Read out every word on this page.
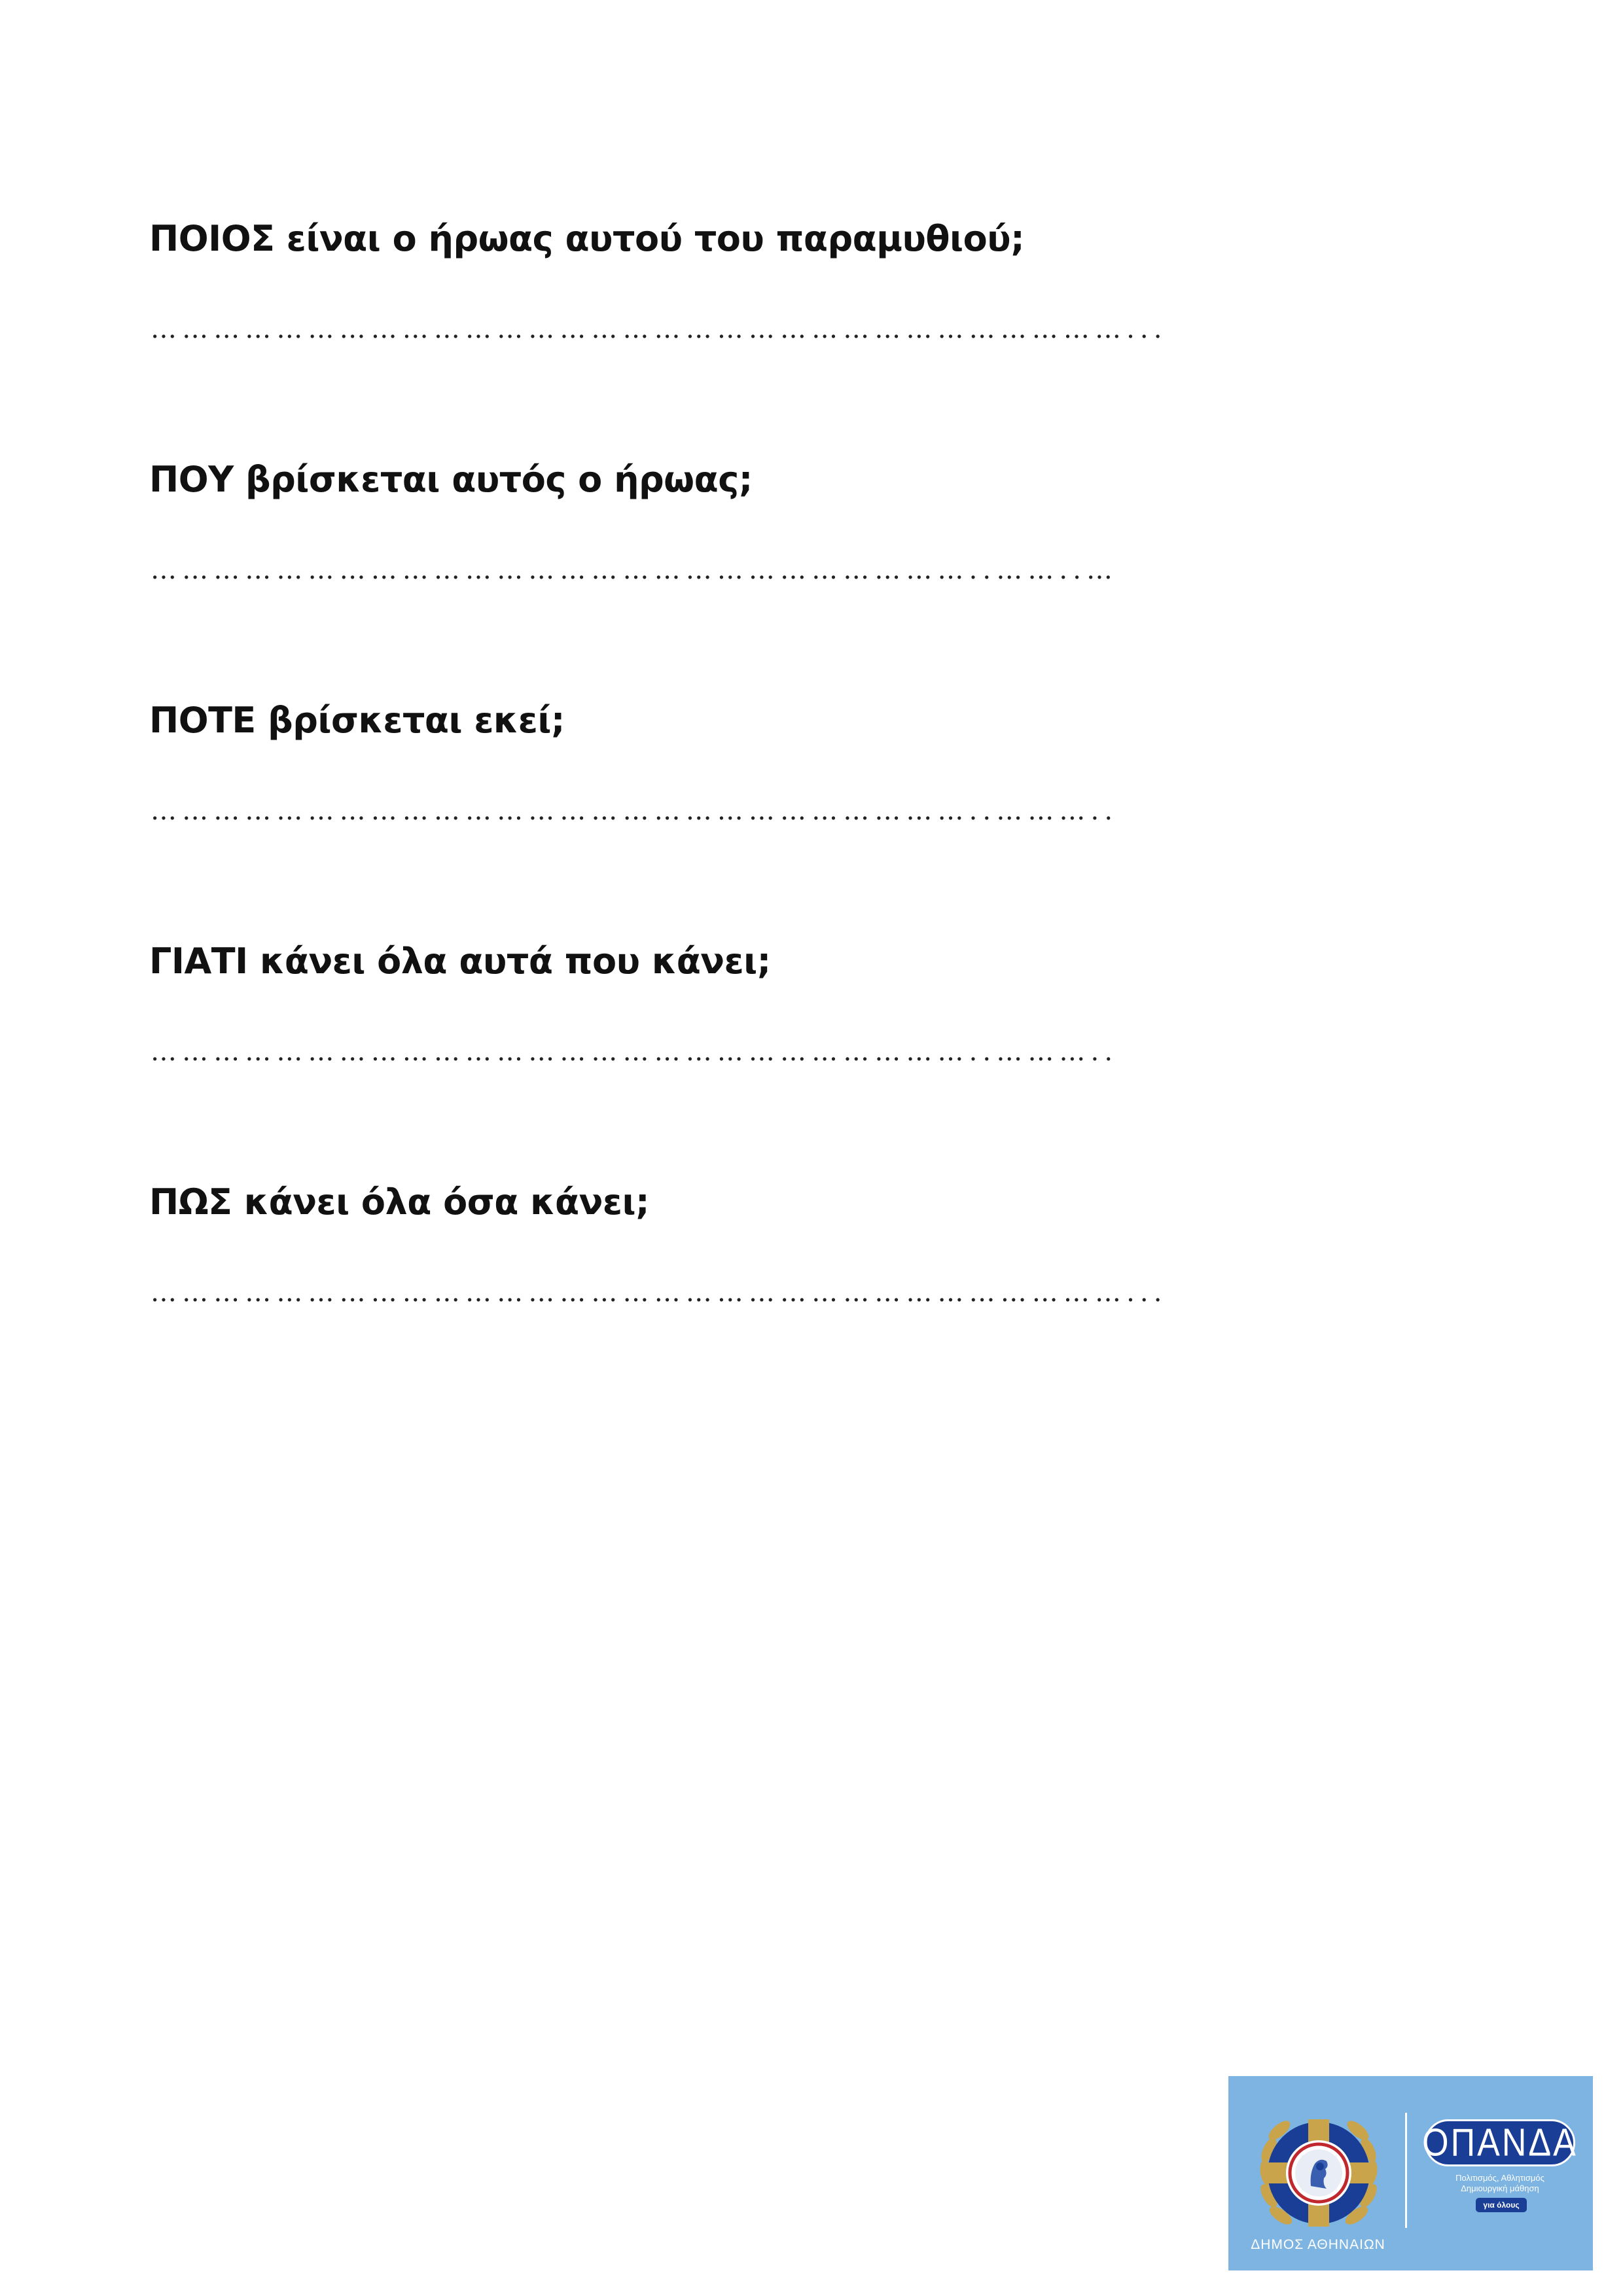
ΠΟΙΟΣ είναι ο ήρωας αυτού του παραμυθιού;
…………………………………………………………………………………...
ΠΟΥ βρίσκεται αυτός ο ήρωας;
……………………………………………………………………..……..…
ΠΟΤΕ βρίσκεται εκεί;
……………………………………………………………………..………..
ΓΙΑΤΙ κάνει όλα αυτά που κάνει;
……………………………………………………………………..………..
ΠΩΣ κάνει όλα όσα κάνει;
…………………………………………………………………………………...
ΔΗΜΟΣ ΑΘΗΝΑΙΩΝ
ΟΠΑΝΔΑ
Πολιτισμός, Αθλητισμός
Δημιουργική μάθηση
για όλους
